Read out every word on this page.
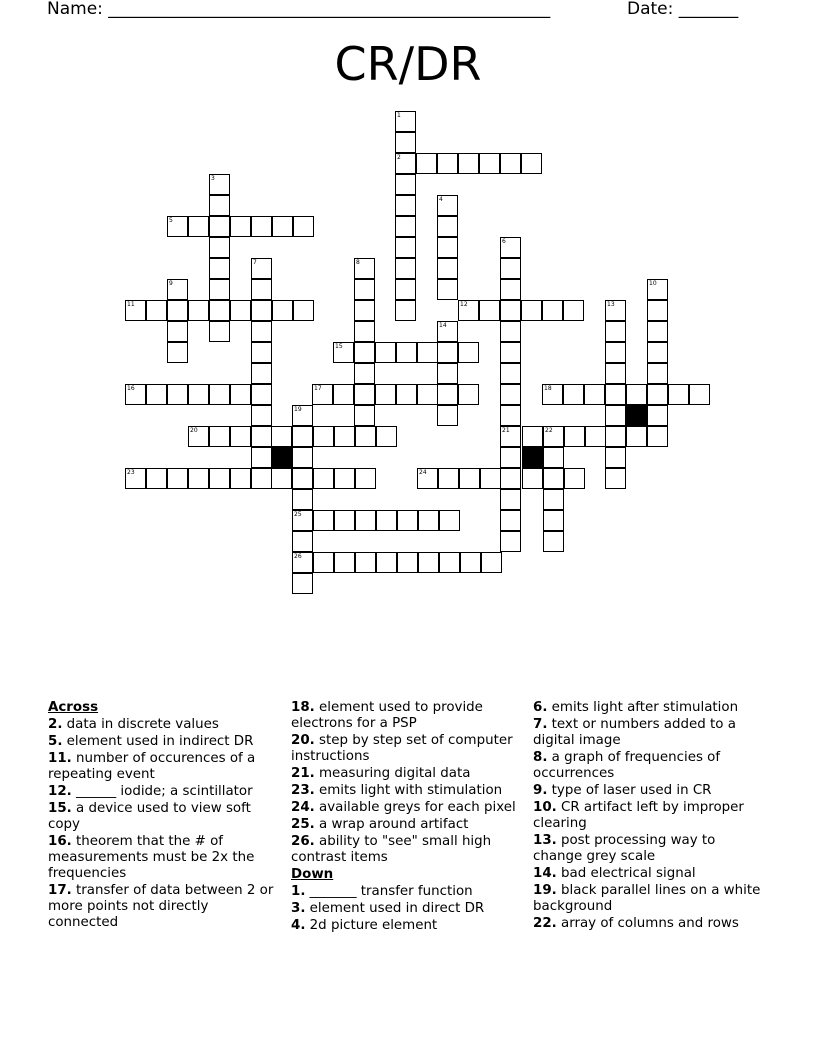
Name: ____________________________________________________	Date: _______
CR/DR
1
2
3
4
5
6
7	8
9	10
11	12	13
14
15
16	17	18
19
20	21	22
23	24
25
26
Across
2. data in discrete values
5. element used in indirect DR
11. number of occurences of a repeating event
12. ______ iodide; a scintillator
15. a device used to view soft copy
16. theorem that the # of measurements must be 2x the frequencies
17. transfer of data between 2 or more points not directly connected
18. element used to provide electrons for a PSP
20. step by step set of computer instructions
21. measuring digital data
23. emits light with stimulation
24. available greys for each pixel
25. a wrap around artifact
26. ability to "see" small high contrast items
Down
1. _______ transfer function
3. element used in direct DR
4. 2d picture element
6. emits light after stimulation
7. text or numbers added to a digital image
8. a graph of frequencies of occurrences
9. type of laser used in CR
10. CR artifact left by improper clearing
13. post processing way to change grey scale
14. bad electrical signal
19. black parallel lines on a white background
22. array of columns and rows
